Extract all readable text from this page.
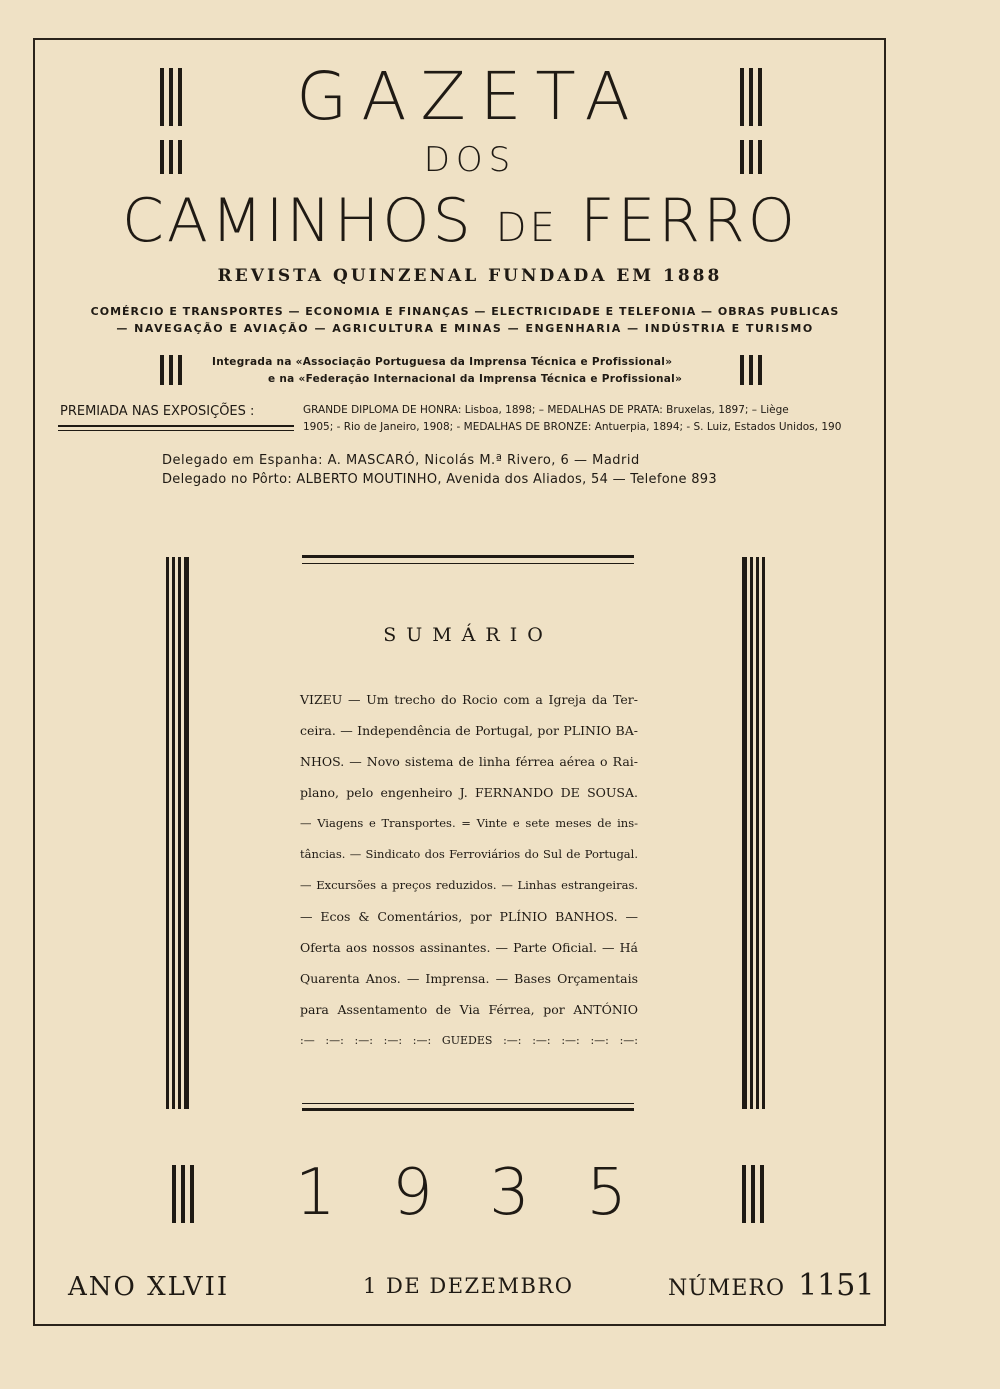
GAZETA
DOS
CAMINHOS DE FERRO
REVISTA QUINZENAL FUNDADA EM 1888
COMÉRCIO E TRANSPORTES — ECONOMIA E FINANÇAS — ELECTRICIDADE E TELEFONIA — OBRAS PUBLICAS
— NAVEGAÇÃO E AVIAÇÃO — AGRICULTURA E MINAS — ENGENHARIA — INDÚSTRIA E TURISMO
Integrada na «Associação Portuguesa da Imprensa Técnica e Profissional»
e na «Federação Internacional da Imprensa Técnica e Profissional»
PREMIADA NAS EXPOSIÇÕES :	GRANDE DIPLOMA DE HONRA: Lisboa, 1898; – MEDALHAS DE PRATA: Bruxelas, 1897; – Liège
1905; - Rio de Janeiro, 1908; - MEDALHAS DE BRONZE: Antuerpia, 1894; - S. Luiz, Estados Unidos, 190
Delegado em Espanha: A. MASCARÓ, Nicolás M.ª Rivero, 6 — Madrid
Delegado no Pôrto: ALBERTO MOUTINHO, Avenida dos Aliados, 54 — Telefone 893
SUMÁRIO

VIZEU — Um trecho do Rocio com a Igreja da Ter-

ceira. — Independência de Portugal, por PLINIO BA-

NHOS. — Novo sistema de linha férrea aérea o Rai-

plano, pelo engenheiro J. FERNANDO DE SOUSA.

— Viagens e Transportes. = Vinte e sete meses de ins-

tâncias. — Sindicato dos Ferroviários do Sul de Portugal.

— Excursões a preços reduzidos. — Linhas estrangeiras.

— Ecos & Comentários, por PLÍNIO BANHOS. —

Oferta aos nossos assinantes. — Parte Oficial. — Há

Quarenta Anos. — Imprensa. — Bases Orçamentais

para Assentamento de Via Férrea, por ANTÓNIO

:— :—: :—: :—: :—: GUEDES :—: :—: :—: :—: :—:

1 9 3 5
ANO XLVII	1 DE DEZEMBRO	NÚMERO 1151
